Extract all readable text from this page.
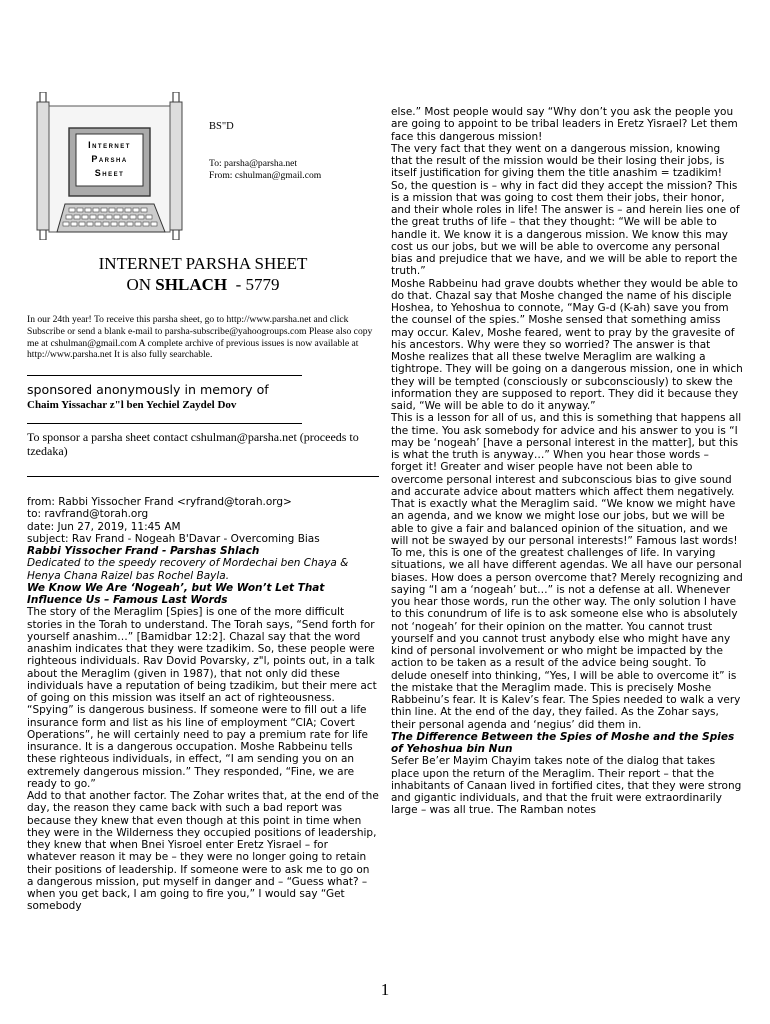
Internet
Parsha
Sheet
BS"D
To: parsha@parsha.net
From: cshulman@gmail.com
INTERNET PARSHA SHEET
ON SHLACH  - 5779
In our 24th year! To receive this parsha sheet, go to http://www.parsha.net and click Subscribe or send a blank e-mail to parsha-subscribe@yahoogroups.com Please also copy me at cshulman@gmail.com A complete archive of previous issues is now available at http://www.parsha.net It is also fully searchable.
sponsored anonymously in memory of
Chaim Yissachar z"l ben Yechiel Zaydel Dov
To sponsor a parsha sheet contact cshulman@parsha.net (proceeds to tzedaka)

from: Rabbi Yissocher Frand <ryfrand@torah.org>

to: ravfrand@torah.org

date: Jun 27, 2019, 11:45 AM

subject: Rav Frand - Nogeah B'Davar - Overcoming Bias

Rabbi Yissocher Frand - Parshas Shlach

Dedicated to the speedy recovery of Mordechai ben Chaya & Henya Chana Raizel bas Rochel Bayla.

We Know We Are ‘Nogeah’, but We Won’t Let That Influence Us – Famous Last Words

The story of the Meraglim [Spies] is one of the more difficult stories in the Torah to understand. The Torah says, “Send forth for yourself anashim…” [Bamidbar 12:2]. Chazal say that the word anashim indicates that they were tzadikim. So, these people were righteous individuals. Rav Dovid Povarsky, z"l, points out, in a talk about the Meraglim (given in 1987), that not only did these individuals have a reputation of being tzadikim, but their mere act of going on this mission was itself an act of righteousness.

“Spying” is dangerous business. If someone were to fill out a life insurance form and list as his line of employment “CIA; Covert Operations”, he will certainly need to pay a premium rate for life insurance. It is a dangerous occupation. Moshe Rabbeinu tells these righteous individuals, in effect, “I am sending you on an extremely dangerous mission.” They responded, “Fine, we are ready to go.”

Add to that another factor. The Zohar writes that, at the end of the day, the reason they came back with such a bad report was because they knew that even though at this point in time when they were in the Wilderness they occupied positions of leadership, they knew that when Bnei Yisroel enter Eretz Yisrael – for whatever reason it may be – they were no longer going to retain their positions of leadership. If someone were to ask me to go on a dangerous mission, put myself in danger and – “Guess what? – when you get back, I am going to fire you,” I would say “Get somebody

else.” Most people would say “Why don’t you ask the people you are going to appoint to be tribal leaders in Eretz Yisrael? Let them face this dangerous mission!

The very fact that they went on a dangerous mission, knowing that the result of the mission would be their losing their jobs, is itself justification for giving them the title anashim = tzadikim!

So, the question is – why in fact did they accept the mission? This is a mission that was going to cost them their jobs, their honor, and their whole roles in life! The answer is – and herein lies one of the great truths of life – that they thought: “We will be able to handle it. We know it is a dangerous mission. We know this may cost us our jobs, but we will be able to overcome any personal bias and prejudice that we have, and we will be able to report the truth.”

Moshe Rabbeinu had grave doubts whether they would be able to do that. Chazal say that Moshe changed the name of his disciple Hoshea, to Yehoshua to connote, “May G-d (K-ah) save you from the counsel of the spies.” Moshe sensed that something amiss may occur. Kalev, Moshe feared, went to pray by the gravesite of his ancestors. Why were they so worried? The answer is that Moshe realizes that all these twelve Meraglim are walking a tightrope. They will be going on a dangerous mission, one in which they will be tempted (consciously or subconsciously) to skew the information they are supposed to report. They did it because they said, “We will be able to do it anyway.”

This is a lesson for all of us, and this is something that happens all the time. You ask somebody for advice and his answer to you is “I may be ‘nogeah’ [have a personal interest in the matter], but this is what the truth is anyway…” When you hear those words – forget it! Greater and wiser people have not been able to overcome personal interest and subconscious bias to give sound and accurate advice about matters which affect them negatively. That is exactly what the Meraglim said. “We know we might have an agenda, and we know we might lose our jobs, but we will be able to give a fair and balanced opinion of the situation, and we will not be swayed by our personal interests!” Famous last words!

To me, this is one of the greatest challenges of life. In varying situations, we all have different agendas. We all have our personal biases. How does a person overcome that? Merely recognizing and saying “I am a ‘nogeah’ but…” is not a defense at all. Whenever you hear those words, run the other way. The only solution I have to this conundrum of life is to ask someone else who is absolutely not ‘nogeah’ for their opinion on the matter. You cannot trust yourself and you cannot trust anybody else who might have any kind of personal involvement or who might be impacted by the action to be taken as a result of the advice being sought. To delude oneself into thinking, “Yes, I will be able to overcome it” is the mistake that the Meraglim made. This is precisely Moshe Rabbeinu’s fear. It is Kalev’s fear. The Spies needed to walk a very thin line. At the end of the day, they failed. As the Zohar says, their personal agenda and ‘negius’ did them in.

The Difference Between the Spies of Moshe and the Spies of Yehoshua bin Nun

Sefer Be’er Mayim Chayim takes note of the dialog that takes place upon the return of the Meraglim. Their report – that the inhabitants of Canaan lived in fortified cites, that they were strong and gigantic individuals, and that the fruit were extraordinarily large – was all true. The Ramban notes

1
